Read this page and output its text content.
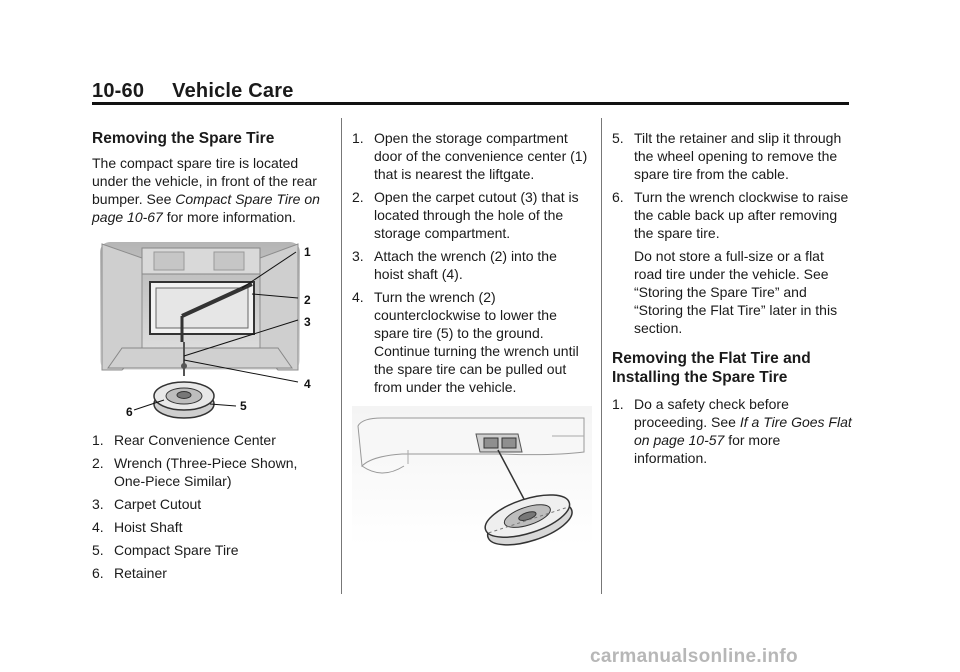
10-60 Vehicle Care
Removing the Spare Tire

The compact spare tire is located under the vehicle, in front of the rear bumper. See Compact Spare Tire on page 10-67 for more information.

1
2
3
4
5
6
1. Rear Convenience Center
2. Wrench (Three-Piece Shown, One-Piece Similar)
3. Carpet Cutout
4. Hoist Shaft
5. Compact Spare Tire
6. Retainer
1. Open the storage compartment door of the convenience center (1) that is nearest the liftgate.
2. Open the carpet cutout (3) that is located through the hole of the storage compartment.
3. Attach the wrench (2) into the hoist shaft (4).
4. Turn the wrench (2) counterclockwise to lower the spare tire (5) to the ground. Continue turning the wrench until the spare tire can be pulled out from under the vehicle.
5. Tilt the retainer and slip it through the wheel opening to remove the spare tire from the cable.
6. Turn the wrench clockwise to raise the cable back up after removing the spare tire.

Do not store a full-size or a flat road tire under the vehicle. See “Storing the Spare Tire” and “Storing the Flat Tire” later in this section.

Removing the Flat Tire and Installing the Spare Tire
1. Do a safety check before proceeding. See If a Tire Goes Flat on page 10-57 for more information.
carmanualsonline.info
